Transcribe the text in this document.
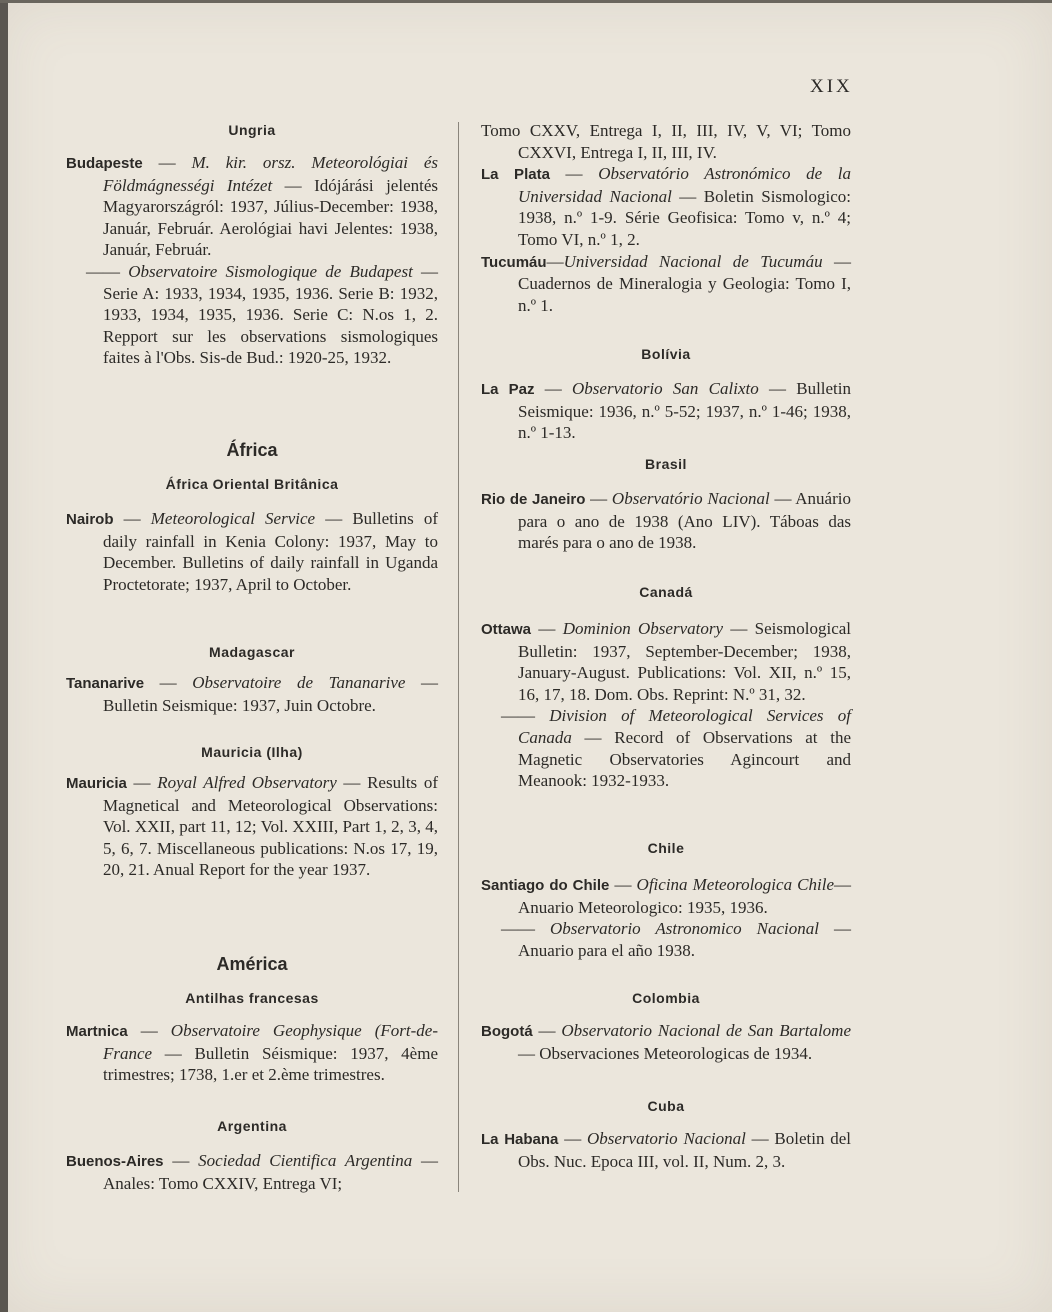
XIX
Ungria

Budapeste — M. kir. orsz. Meteorológiai és Földmágnességi Intézet — Idójárási jelentés Magyarországról: 1937, Július-December: 1938, Január, Február. Aerológiai havi Jelentes: 1938, Január, Február.

—— Observatoire Sismologique de Budapest — Serie A: 1933, 1934, 1935, 1936. Serie B: 1932, 1933, 1934, 1935, 1936. Serie C: N.os 1, 2. Repport sur les observations sismologiques faites à l'Obs. Sis-de Bud.: 1920-25, 1932.

África
África Oriental Britânica

Nairob — Meteorological Service — Bulletins of daily rainfall in Kenia Colony: 1937, May to December. Bulletins of daily rainfall in Uganda Proctetorate; 1937, April to October.

Madagascar

Tananarive — Observatoire de Tananarive — Bulletin Seismique: 1937, Juin Octobre.

Mauricia (Ilha)

Mauricia — Royal Alfred Observatory — Results of Magnetical and Meteorological Observations: Vol. XXII, part 11, 12; Vol. XXIII, Part 1, 2, 3, 4, 5, 6, 7. Miscellaneous publications: N.os 17, 19, 20, 21. Anual Report for the year 1937.

América
Antilhas francesas

Martnica — Observatoire Geophysique (Fort-de-France — Bulletin Séismique: 1937, 4ème trimestres; 1738, 1.er et 2.ème trimestres.

Argentina

Buenos-Aires — Sociedad Cientifica Argentina — Anales: Tomo CXXIV, Entrega VI;

Tomo CXXV, Entrega I, II, III, IV, V, VI; Tomo CXXVI, Entrega I, II, III, IV.

La Plata — Observatório Astronómico de la Universidad Nacional — Boletin Sismologico: 1938, n.º 1-9. Série Geofisica: Tomo v, n.º 4; Tomo VI, n.º 1, 2.

Tucumáu—Universidad Nacional de Tucumáu — Cuadernos de Mineralogia y Geologia: Tomo I, n.º 1.

Bolívia

La Paz — Observatorio San Calixto — Bulletin Seismique: 1936, n.º 5-52; 1937, n.º 1-46; 1938, n.º 1-13.

Brasil

Rio de Janeiro — Observatório Nacional — Anuário para o ano de 1938 (Ano LIV). Táboas das marés para o ano de 1938.

Canadá

Ottawa — Dominion Observatory — Seismological Bulletin: 1937, September-December; 1938, January-August. Publications: Vol. XII, n.º 15, 16, 17, 18. Dom. Obs. Reprint: N.º 31, 32.

—— Division of Meteorological Services of Canada — Record of Observations at the Magnetic Observatories Agincourt and Meanook: 1932-1933.

Chile

Santiago do Chile — Oficina Meteorologica Chile—Anuario Meteorologico: 1935, 1936.

—— Observatorio Astronomico Nacional — Anuario para el año 1938.

Colombia

Bogotá — Observatorio Nacional de San Bartalome — Observaciones Meteorologicas de 1934.

Cuba

La Habana — Observatorio Nacional — Boletin del Obs. Nuc. Epoca III, vol. II, Num. 2, 3.
